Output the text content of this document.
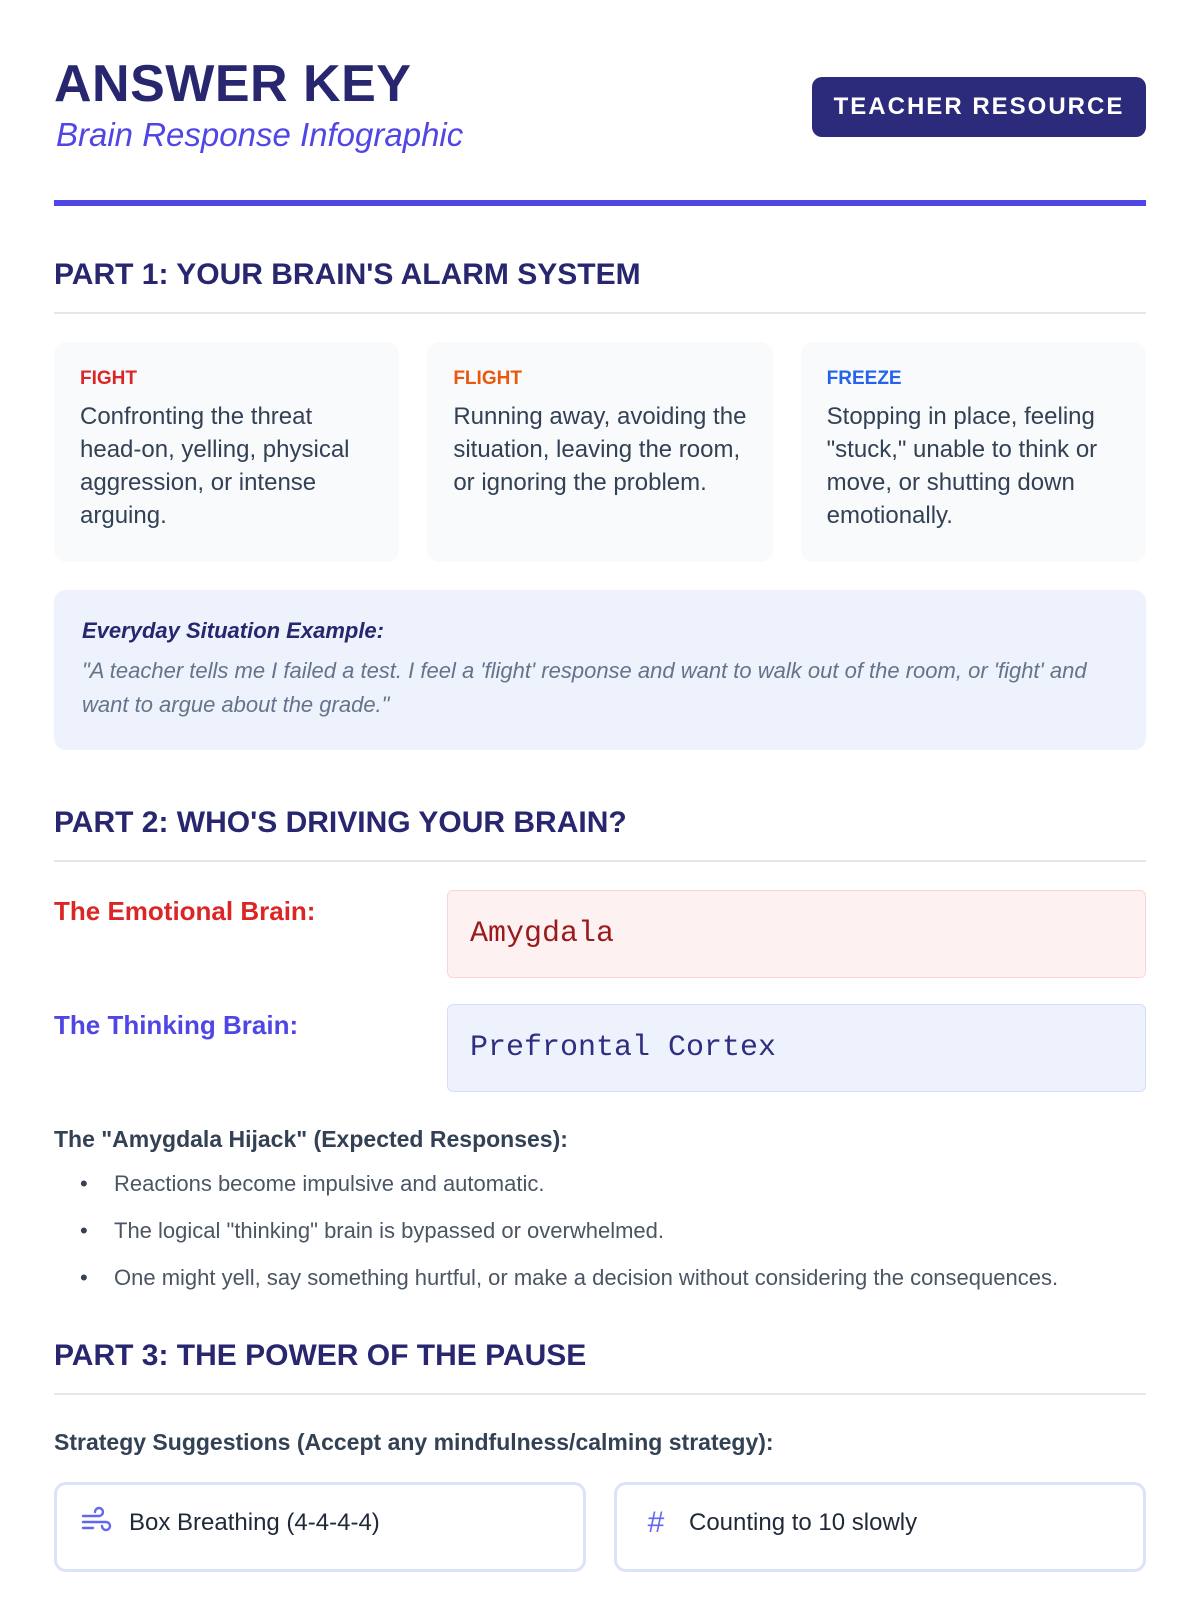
ANSWER KEY
Brain Response Infographic
TEACHER RESOURCE
PART 1: YOUR BRAIN'S ALARM SYSTEM
FIGHT
Confronting the threat head-on, yelling, physical aggression, or intense arguing.
FLIGHT
Running away, avoiding the situation, leaving the room, or ignoring the problem.
FREEZE
Stopping in place, feeling "stuck," unable to think or move, or shutting down emotionally.
Everyday Situation Example:
"A teacher tells me I failed a test. I feel a 'flight' response and want to walk out of the room, or 'fight' and want to argue about the grade."
PART 2: WHO'S DRIVING YOUR BRAIN?
The Emotional Brain:
Amygdala
The Thinking Brain:
Prefrontal Cortex
The "Amygdala Hijack" (Expected Responses):
• Reactions become impulsive and automatic.
• The logical "thinking" brain is bypassed or overwhelmed.
• One might yell, say something hurtful, or make a decision without considering the consequences.
PART 3: THE POWER OF THE PAUSE
Strategy Suggestions (Accept any mindfulness/calming strategy):
Box Breathing (4-4-4-4)	#	Counting to 10 slowly
